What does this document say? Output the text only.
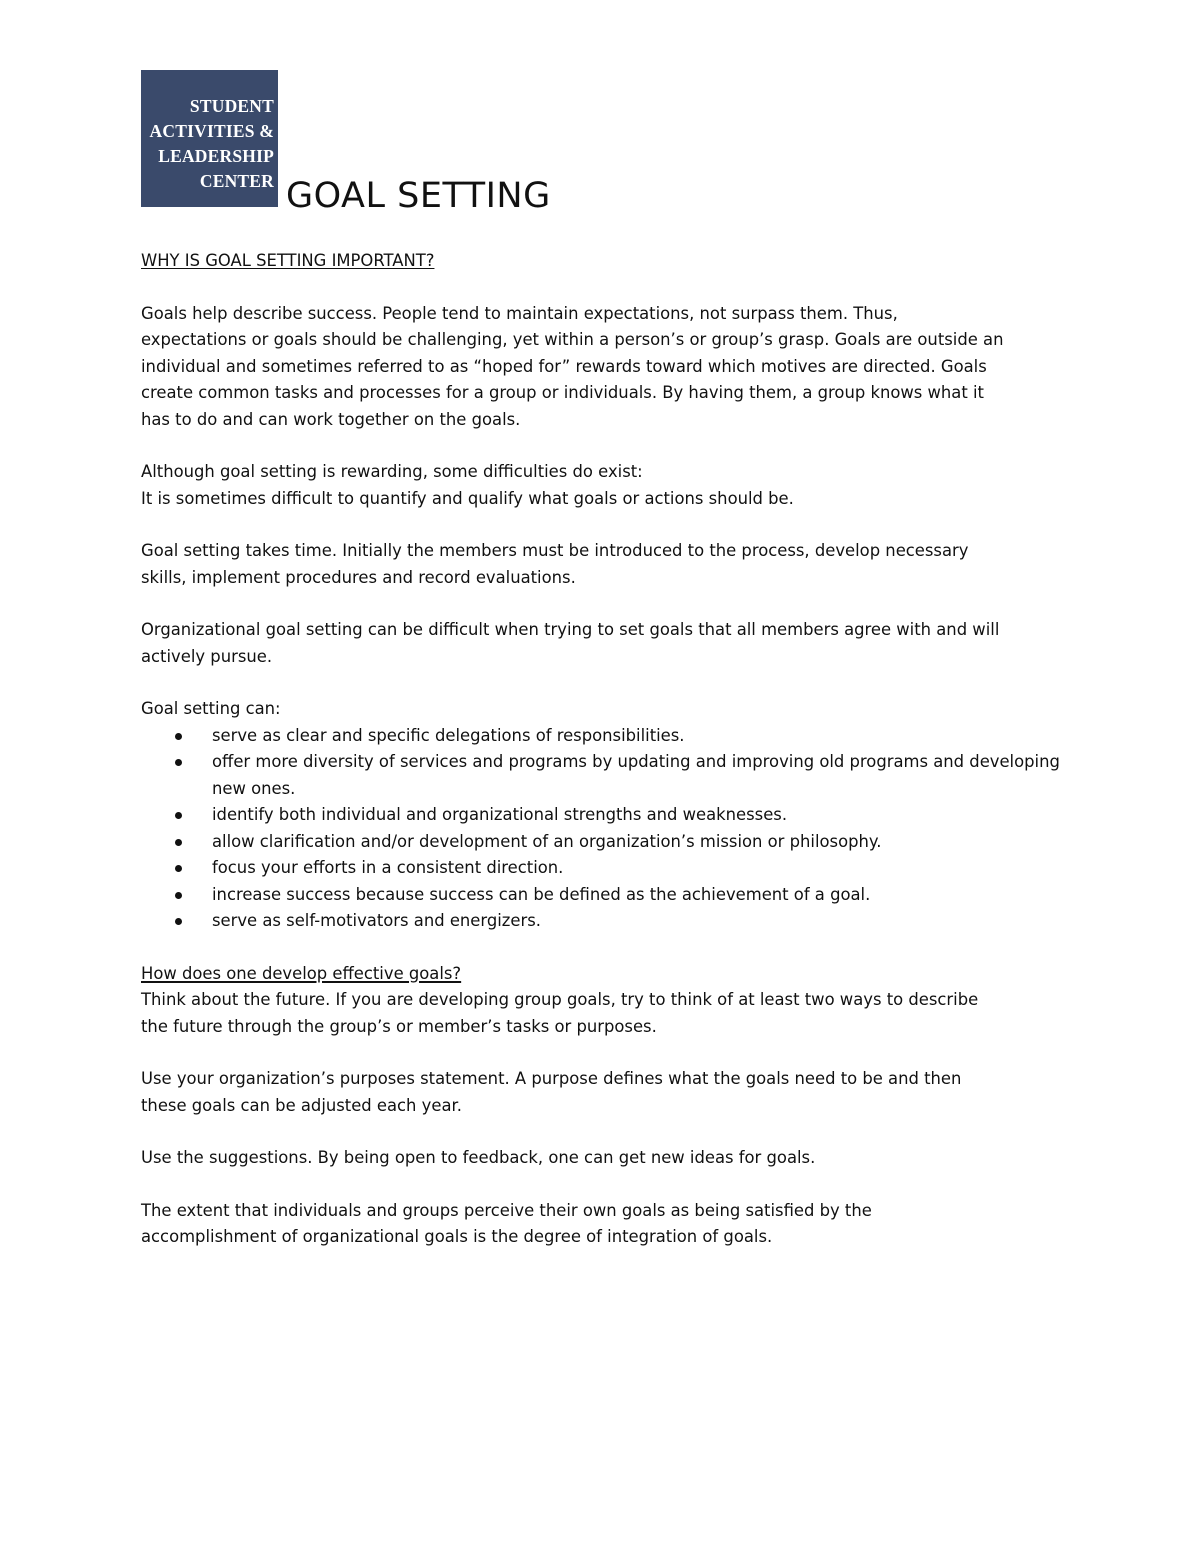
STUDENT
ACTIVITIES &
LEADERSHIP
CENTER GOAL SETTING
WHY IS GOAL SETTING IMPORTANT?

Goals help describe success. People tend to maintain expectations, not surpass them. Thus,
expectations or goals should be challenging, yet within a person’s or group’s grasp. Goals are outside an
individual and sometimes referred to as “hoped for” rewards toward which motives are directed. Goals
create common tasks and processes for a group or individuals. By having them, a group knows what it
has to do and can work together on the goals.

Although goal setting is rewarding, some difficulties do exist:

It is sometimes difficult to quantify and qualify what goals or actions should be.

Goal setting takes time. Initially the members must be introduced to the process, develop necessary
skills, implement procedures and record evaluations.

Organizational goal setting can be difficult when trying to set goals that all members agree with and will
actively pursue.

Goal setting can:

serve as clear and specific delegations of responsibilities.
offer more diversity of services and programs by updating and improving old programs and developing new ones.
identify both individual and organizational strengths and weaknesses.
allow clarification and/or development of an organization’s mission or philosophy.
focus your efforts in a consistent direction.
increase success because success can be defined as the achievement of a goal.
serve as self-motivators and energizers.
How does one develop effective goals?

Think about the future. If you are developing group goals, try to think of at least two ways to describe
the future through the group’s or member’s tasks or purposes.

Use your organization’s purposes statement. A purpose defines what the goals need to be and then
these goals can be adjusted each year.

Use the suggestions. By being open to feedback, one can get new ideas for goals.

The extent that individuals and groups perceive their own goals as being satisfied by the
accomplishment of organizational goals is the degree of integration of goals.
